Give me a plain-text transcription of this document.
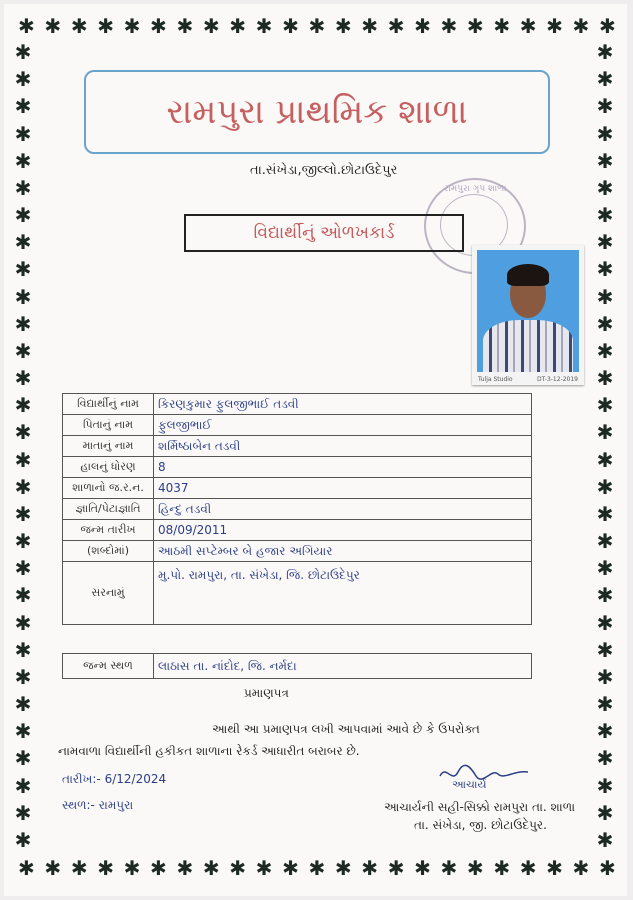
✱ ✱ ✱ ✱ ✱ ✱ ✱ ✱ ✱ ✱ ✱ ✱ ✱ ✱ ✱ ✱ ✱ ✱ ✱ ✱ ✱ ✱ ✱
✱ ✱ ✱ ✱ ✱ ✱ ✱ ✱ ✱ ✱ ✱ ✱ ✱ ✱ ✱ ✱ ✱ ✱ ✱ ✱ ✱ ✱ ✱
✱
✱
✱
✱
✱
✱
✱
✱
✱
✱
✱
✱
✱
✱
✱
✱
✱
✱
✱
✱
✱
✱
✱
✱
✱
✱
✱
✱
✱
✱
✱
✱
✱
✱
✱
✱
✱
✱
✱
✱
✱
✱
✱
✱
✱
✱
✱
✱
✱
✱
✱
✱
✱
✱
✱
✱
✱
✱
✱
✱
રામપુરા પ્રાથમિક શાળા
તા.સંખેડા,જીલ્લો.છોટાઉદેપુર
રામપુરા ગૃપ શાળા
વિદ્યાર્થીનું ઓળખકાર્ડ
Tulja Studio	DT-3-12-2019
વિદ્યાર્થીનું નામ	કિરણકુમાર ફુલજીભાઈ તડવી
પિતાનું નામ	ફુલજીભાઈ
માતાનું નામ	શર્મિષ્ઠાબેન તડવી
હાલનું ધોરણ	8
શાળાનો જ.ર.ન.	4037
જ્ઞાતિ/પેટાજ્ઞાતિ	હિન્દુ તડવી
જન્મ તારીખ	08/09/2011
(શબ્દોમાં)	આઠમી સપ્ટેમ્બર બે હજાર અગિયાર
સરનામું	મુ.પો. રામપુરા, તા. સંખેડા, જિ. છોટાઉદેપુર
જન્મ સ્થળ	લાઠાસ તા. નાંદોદ, જિ. નર્મદા
પ્રમાણપત્ર
આથી આ પ્રમાણપત્ર લખી આપવામાં આવે છે કે ઉપરોક્ત
નામવાળા વિદ્યાર્થીની હકીકત શાળાના રેકર્ડ આધારીત બરાબર છે.
તારીખ:- 6/12/2024
સ્થળ:- રામપુરા
આચાર્ય
આચાર્યની સહી-સિક્કો રામપુરા તા. શાળા
તા. સંખેડા, જી. છોટાઉદેપુર.
